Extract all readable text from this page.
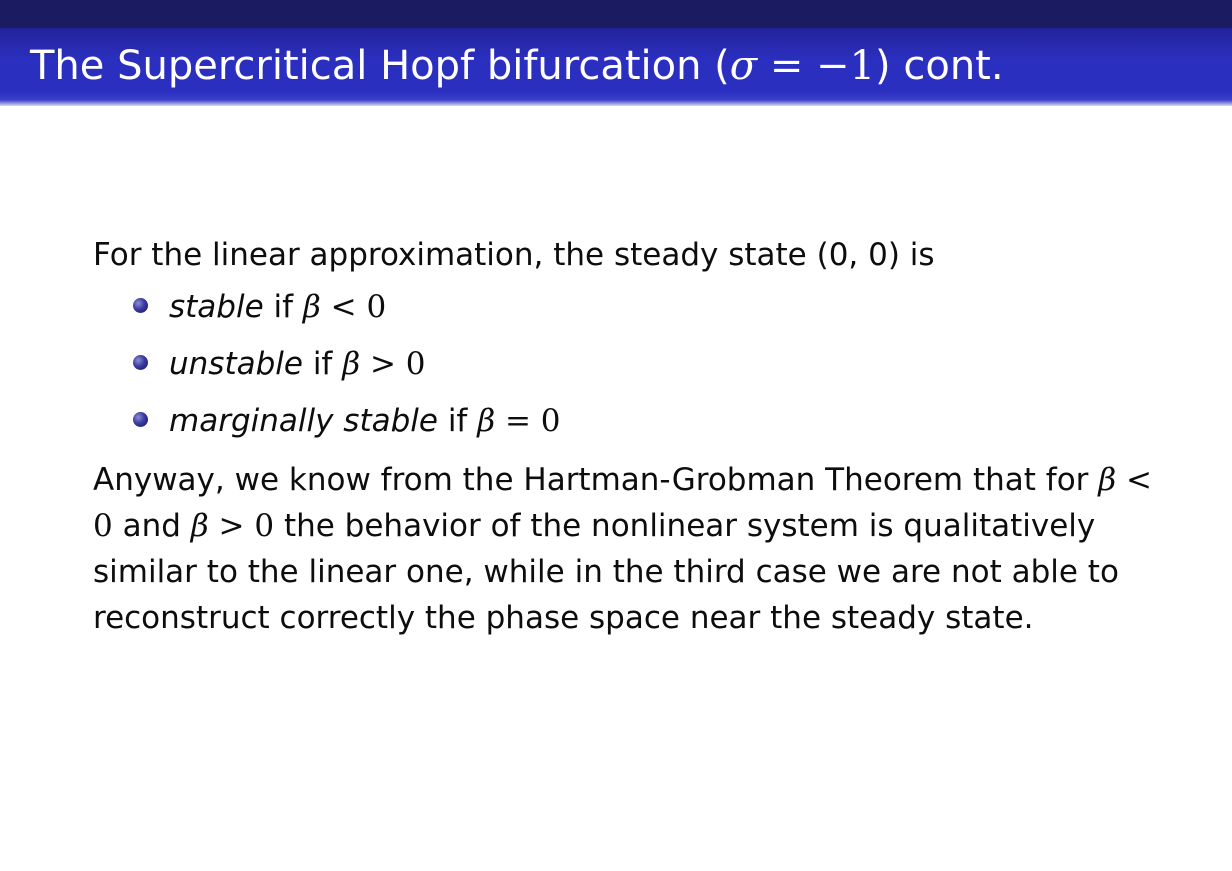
The Supercritical Hopf bifurcation (σ = −1) cont.

For the linear approximation, the steady state (0, 0) is

stable if β < 0
unstable if β > 0
marginally stable if β = 0

Anyway, we know from the Hartman-Grobman Theorem that for β < 0 and β > 0 the behavior of the nonlinear system is qualitatively similar to the linear one, while in the third case we are not able to reconstruct correctly the phase space near the steady state.
